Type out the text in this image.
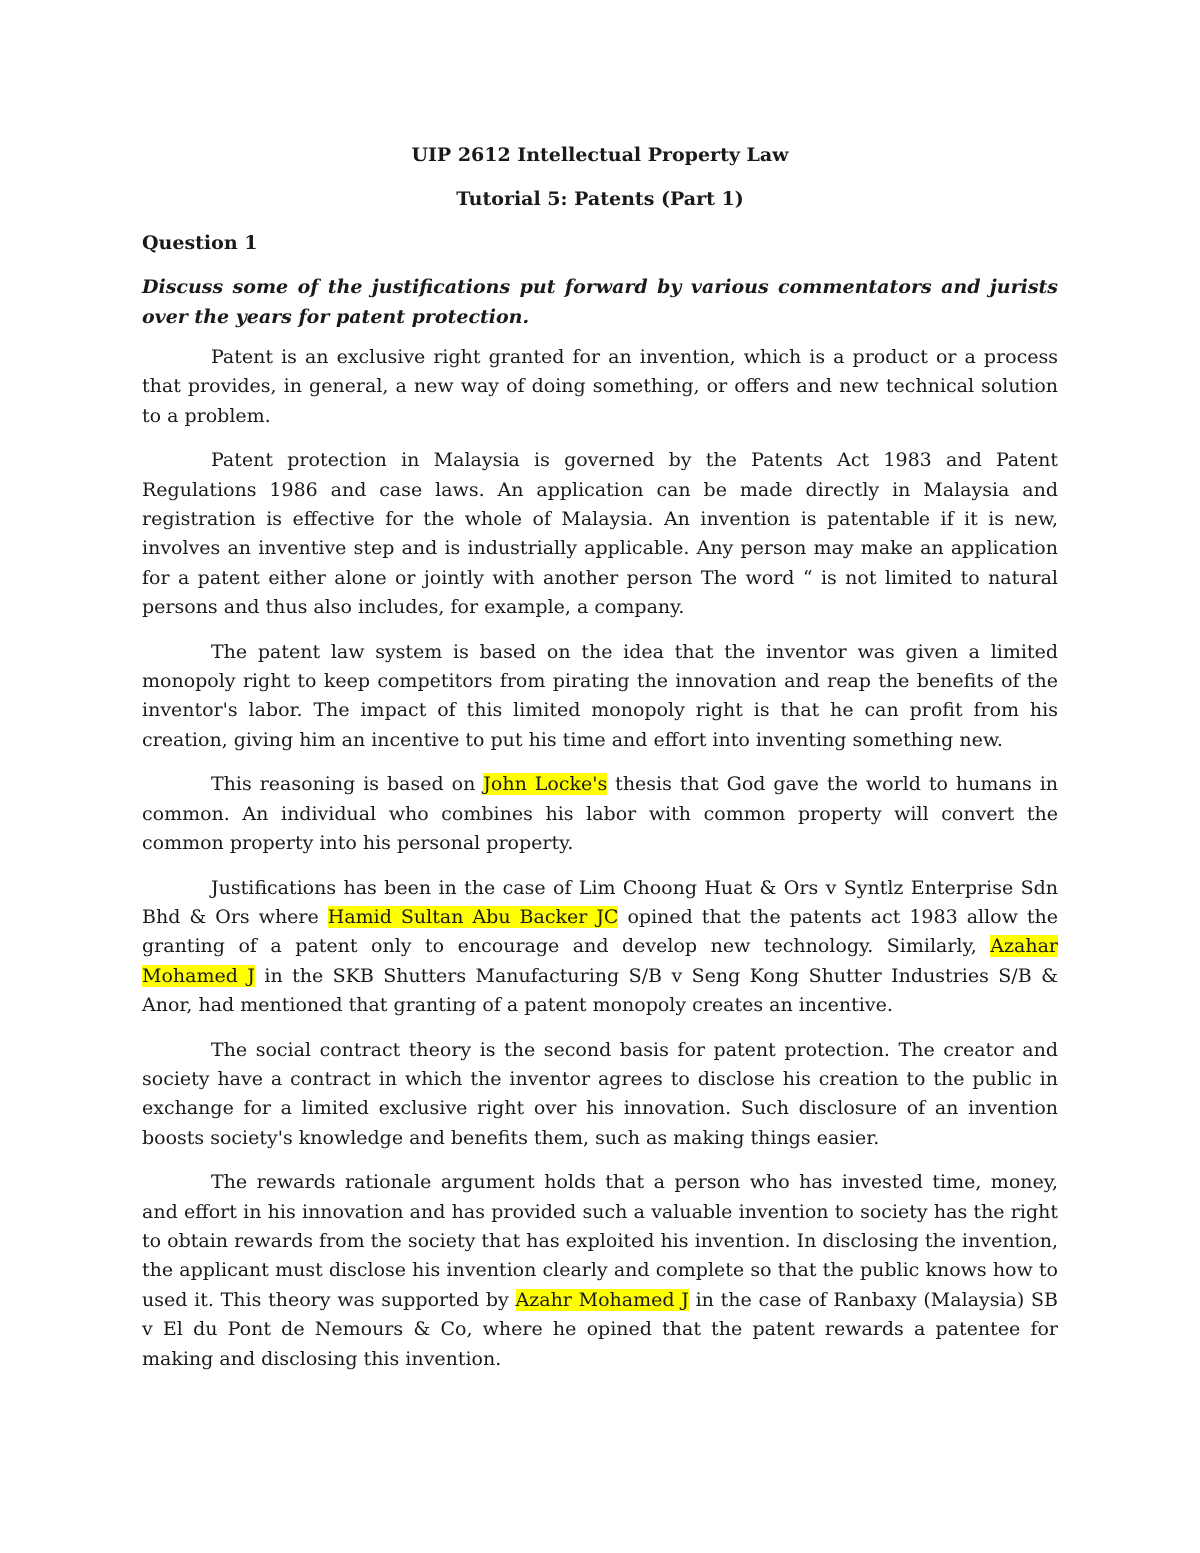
UIP 2612 Intellectual Property Law
Tutorial 5: Patents (Part 1)
Question 1
Discuss some of the justifications put forward by various commentators and jurists over the years for patent protection.

Patent is an exclusive right granted for an invention, which is a product or a process that provides, in general, a new way of doing something, or offers and new technical solution to a problem.

Patent protection in Malaysia is governed by the Patents Act 1983 and Patent Regulations 1986 and case laws. An application can be made directly in Malaysia and registration is effective for the whole of Malaysia. An invention is patentable if it is new, involves an inventive step and is industrially applicable. Any person may make an application for a patent either alone or jointly with another person The word “ is not limited to natural persons and thus also includes, for example, a company.

The patent law system is based on the idea that the inventor was given a limited monopoly right to keep competitors from pirating the innovation and reap the benefits of the inventor's labor. The impact of this limited monopoly right is that he can profit from his creation, giving him an incentive to put his time and effort into inventing something new.

This reasoning is based on John Locke's thesis that God gave the world to humans in common. An individual who combines his labor with common property will convert the common property into his personal property.

Justifications has been in the case of Lim Choong Huat & Ors v Syntlz Enterprise Sdn Bhd & Ors where Hamid Sultan Abu Backer JC opined that the patents act 1983 allow the granting of a patent only to encourage and develop new technology. Similarly, Azahar Mohamed J in the SKB Shutters Manufacturing S/B v Seng Kong Shutter Industries S/B & Anor, had mentioned that granting of a patent monopoly creates an incentive.

The social contract theory is the second basis for patent protection. The creator and society have a contract in which the inventor agrees to disclose his creation to the public in exchange for a limited exclusive right over his innovation. Such disclosure of an invention boosts society's knowledge and benefits them, such as making things easier.

The rewards rationale argument holds that a person who has invested time, money, and effort in his innovation and has provided such a valuable invention to society has the right to obtain rewards from the society that has exploited his invention. In disclosing the invention, the applicant must disclose his invention clearly and complete so that the public knows how to used it. This theory was supported by Azahr Mohamed J in the case of Ranbaxy (Malaysia) SB v El du Pont de Nemours & Co, where he opined that the patent rewards a patentee for making and disclosing this invention.
